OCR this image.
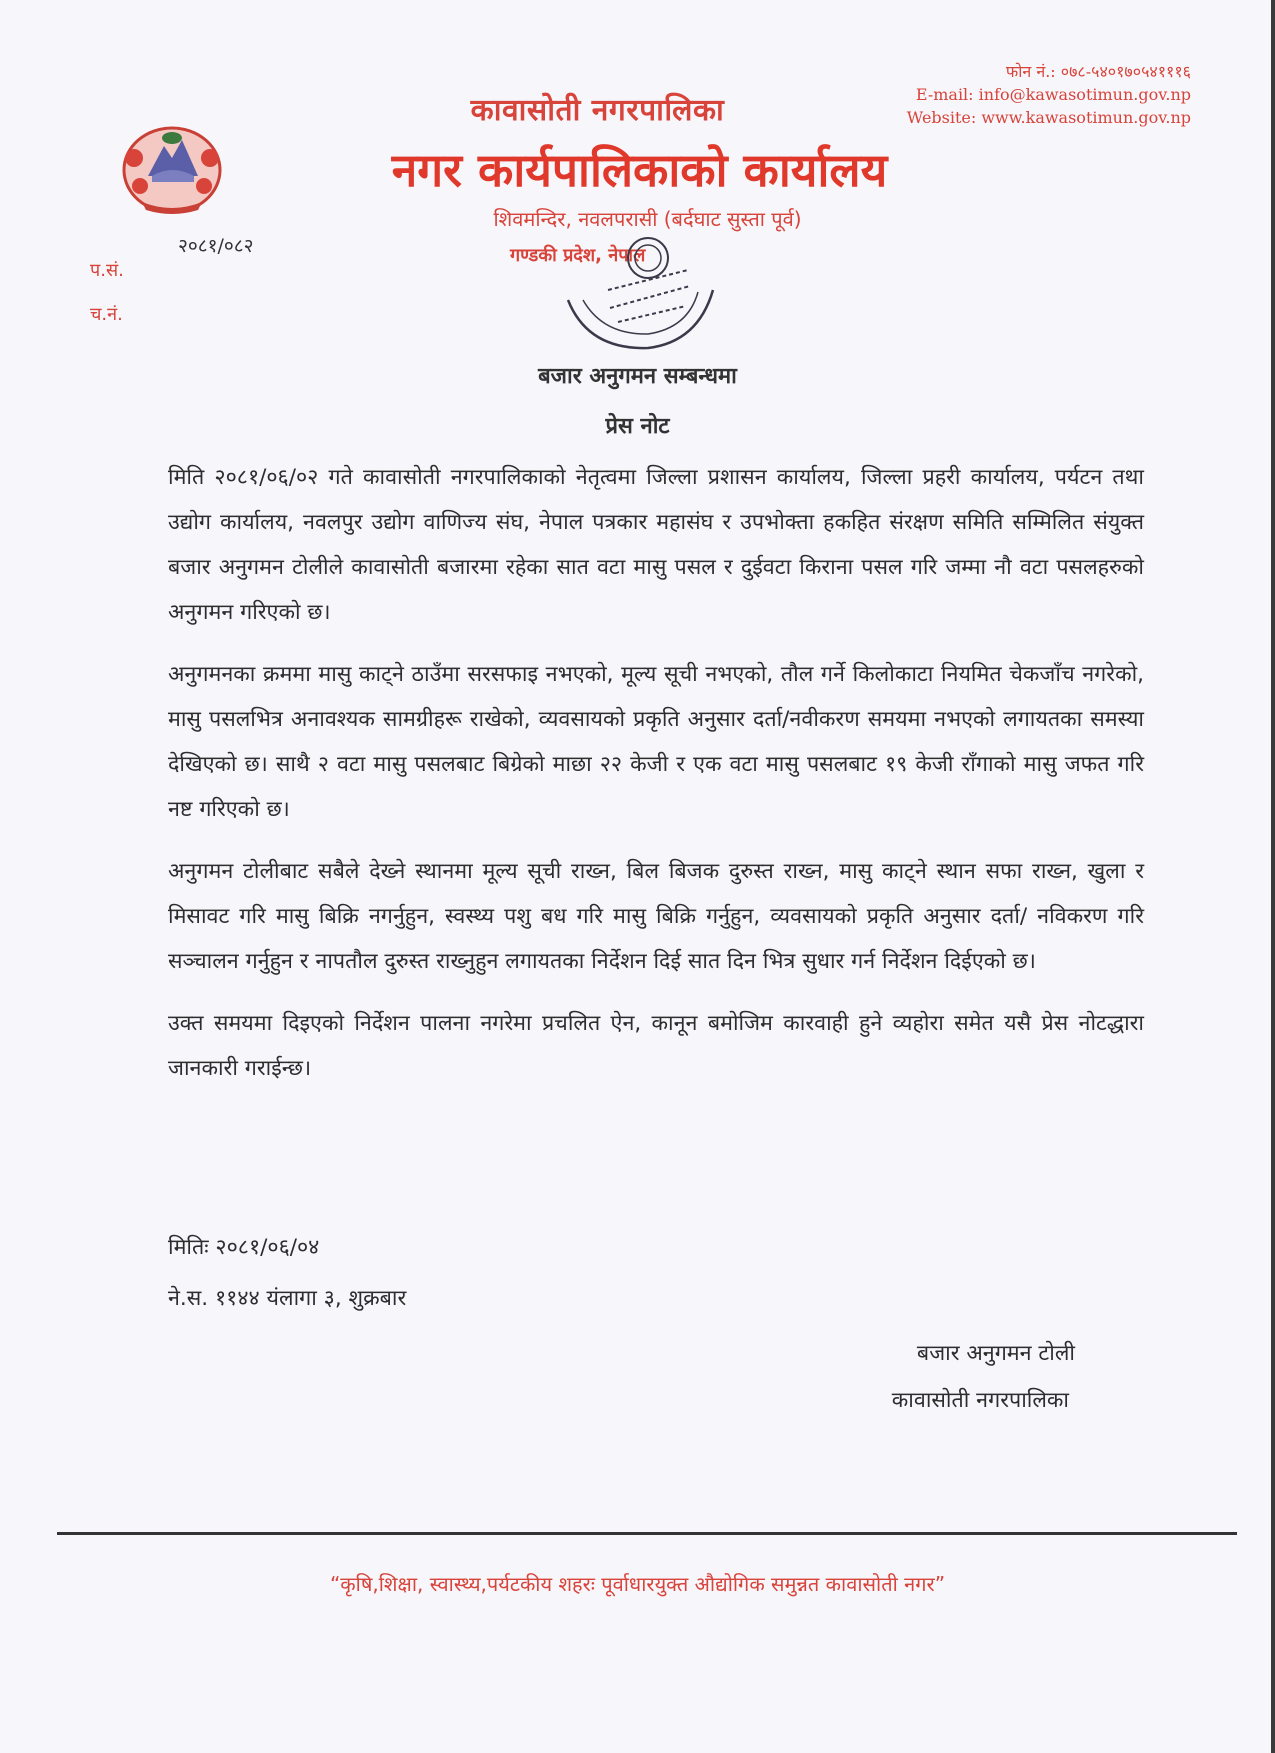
फोन नं.: ०७८-५४०१७०५४१११६
E-mail: info@kawasotimun.gov.np
Website: www.kawasotimun.gov.np
कावासोती नगरपालिका
नगर कार्यपालिकाको कार्यालय
शिवमन्दिर, नवलपरासी (बर्दघाट सुस्ता पूर्व)
गण्डकी प्रदेश, नेपाल
२०८१/०८२
प.सं.
च.नं.
बजार अनुगमन सम्बन्धमा
प्रेस नोट

मिति २०८१/०६/०२ गते कावासोती नगरपालिकाको नेतृत्वमा जिल्ला प्रशासन कार्यालय, जिल्ला प्रहरी कार्यालय, पर्यटन तथा उद्योग कार्यालय, नवलपुर उद्योग वाणिज्य संघ, नेपाल पत्रकार महासंघ र उपभोक्ता हकहित संरक्षण समिति सम्मिलित संयुक्त बजार अनुगमन टोलीले कावासोती बजारमा रहेका सात वटा मासु पसल र दुईवटा किराना पसल गरि जम्मा नौ वटा पसलहरुको अनुगमन गरिएको छ।

अनुगमनका क्रममा मासु काट्ने ठाउँमा सरसफाइ नभएको, मूल्य सूची नभएको, तौल गर्ने किलोकाटा नियमित चेकजाँच नगरेको, मासु पसलभित्र अनावश्यक सामग्रीहरू राखेको, व्यवसायको प्रकृति अनुसार दर्ता/नवीकरण समयमा नभएको लगायतका समस्या देखिएको छ। साथै २ वटा मासु पसलबाट बिग्रेको माछा २२ केजी र एक वटा मासु पसलबाट १९ केजी राँगाको मासु जफत गरि नष्ट गरिएको छ।

अनुगमन टोलीबाट सबैले देख्ने स्थानमा मूल्य सूची राख्न, बिल बिजक दुरुस्त राख्न, मासु काट्ने स्थान सफा राख्न, खुला र मिसावट गरि मासु बिक्रि नगर्नुहुन, स्वस्थ्य पशु बध गरि मासु बिक्रि गर्नुहुन, व्यवसायको प्रकृति अनुसार दर्ता/ नविकरण गरि सञ्चालन गर्नुहुन र नापतौल दुरुस्त राख्नुहुन लगायतका निर्देशन दिई सात दिन भित्र सुधार गर्न निर्देशन दिईएको छ।

उक्त समयमा दिइएको निर्देशन पालना नगरेमा प्रचलित ऐन, कानून बमोजिम कारवाही हुने व्यहोरा समेत यसै प्रेस नोटद्धारा जानकारी गराईन्छ।

मितिः २०८१/०६/०४
ने.स. ११४४ यंलागा ३, शुक्रबार
बजार अनुगमन टोली
कावासोती नगरपालिका
“कृषि,शिक्षा, स्वास्थ्य,पर्यटकीय शहरः पूर्वाधारयुक्त औद्योगिक समुन्नत कावासोती नगर”
